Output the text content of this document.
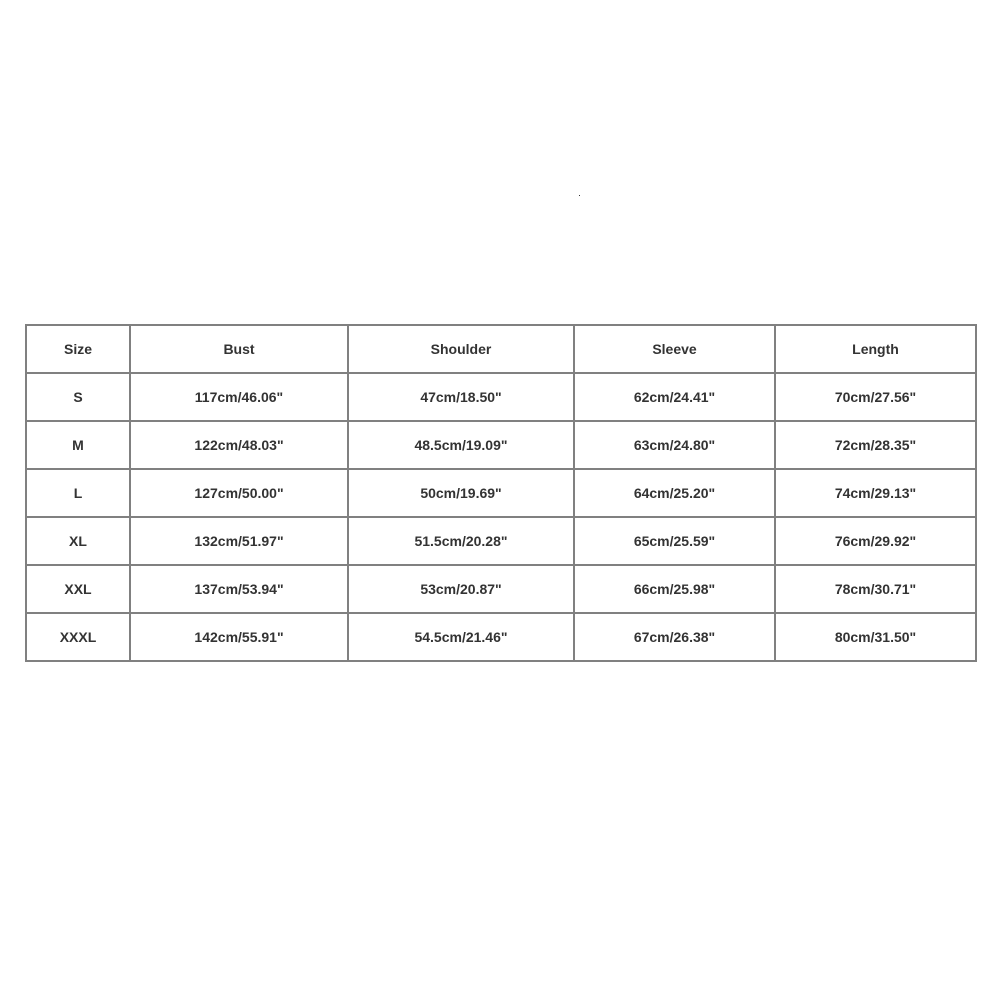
Size	Bust	Shoulder	Sleeve	Length
S	117cm/46.06"	47cm/18.50"	62cm/24.41"	70cm/27.56"
M	122cm/48.03"	48.5cm/19.09"	63cm/24.80"	72cm/28.35"
L	127cm/50.00"	50cm/19.69"	64cm/25.20"	74cm/29.13"
XL	132cm/51.97"	51.5cm/20.28"	65cm/25.59"	76cm/29.92"
XXL	137cm/53.94"	53cm/20.87"	66cm/25.98"	78cm/30.71"
XXXL	142cm/55.91"	54.5cm/21.46"	67cm/26.38"	80cm/31.50"
